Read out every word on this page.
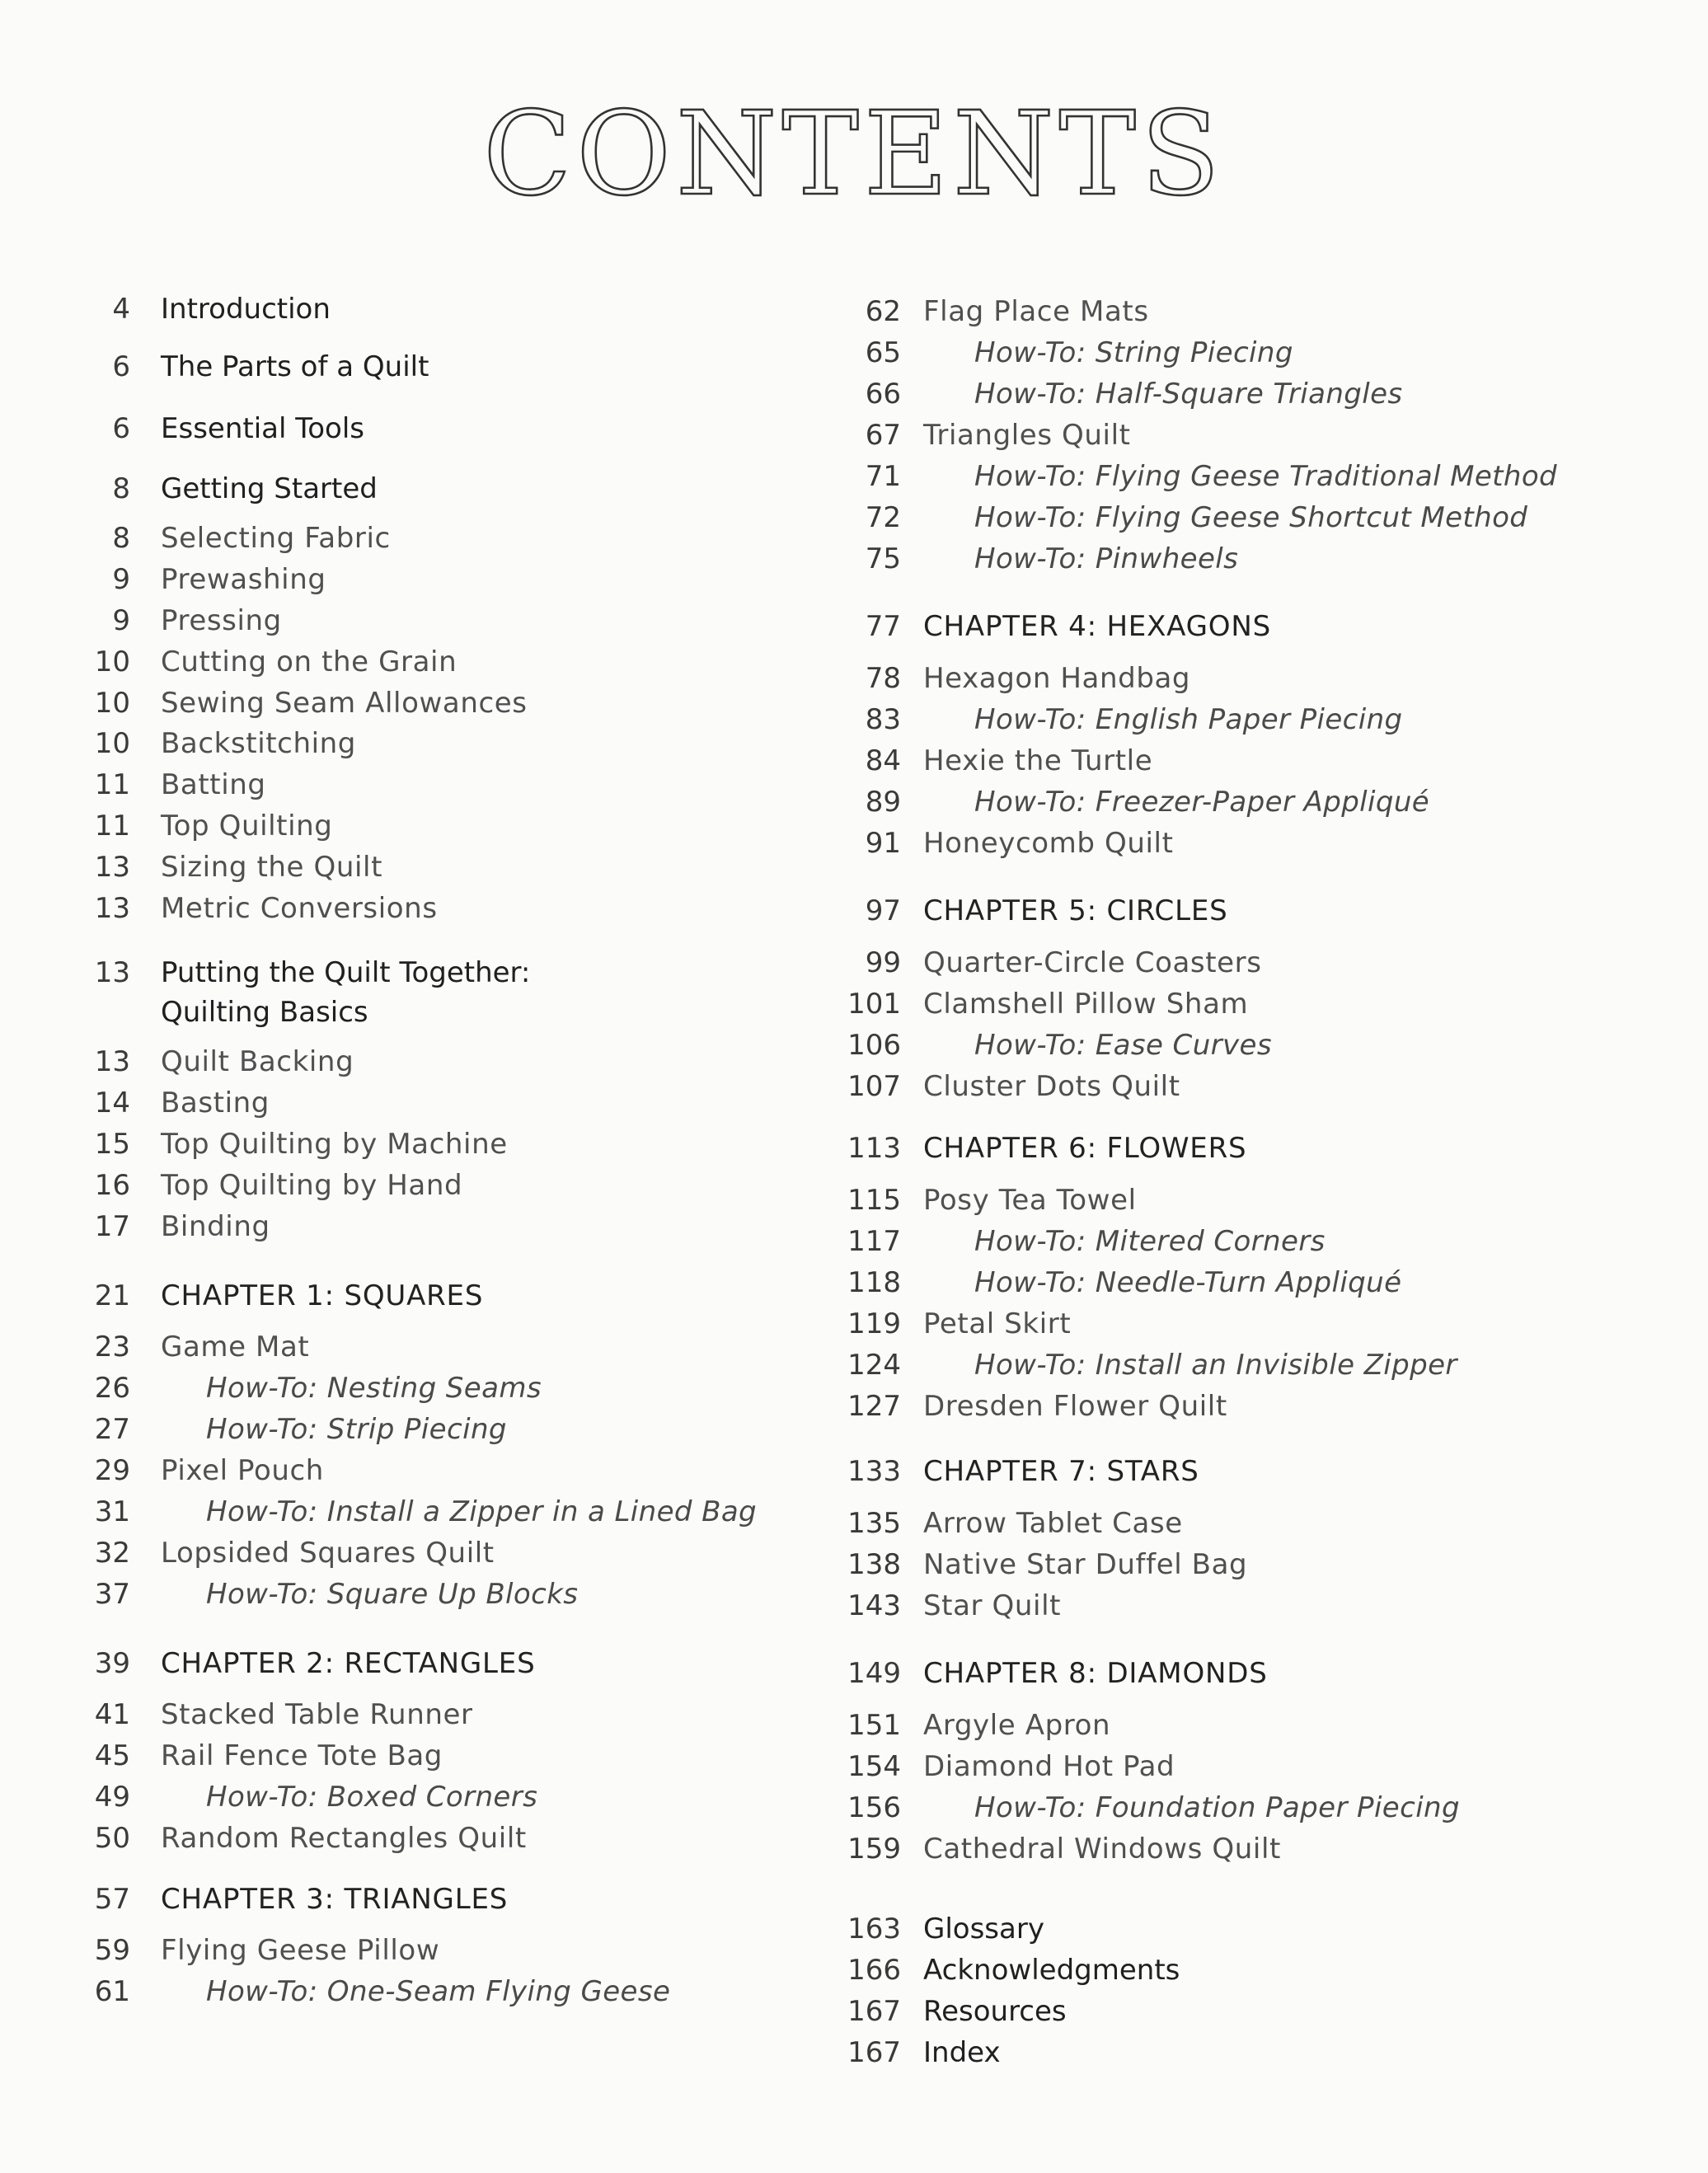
CONTENTS
4 Introduction
6 The Parts of a Quilt
6 Essential Tools
8 Getting Started
8 Selecting Fabric
9 Prewashing
9 Pressing
10 Cutting on the Grain
10 Sewing Seam Allowances
10 Backstitching
11 Batting
11 Top Quilting
13 Sizing the Quilt
13 Metric Conversions
13 Putting the Quilt Together:
Quilting Basics
13 Quilt Backing
14 Basting
15 Top Quilting by Machine
16 Top Quilting by Hand
17 Binding
21 CHAPTER 1: SQUARES
23 Game Mat
26	How-To: Nesting Seams
27	How-To: Strip Piecing
29 Pixel Pouch
31	How-To: Install a Zipper in a Lined Bag
32 Lopsided Squares Quilt
37	How-To: Square Up Blocks
39 CHAPTER 2: RECTANGLES
41 Stacked Table Runner
45 Rail Fence Tote Bag
49	How-To: Boxed Corners
50 Random Rectangles Quilt
57 CHAPTER 3: TRIANGLES
59 Flying Geese Pillow
61	How-To: One-Seam Flying Geese
62 Flag Place Mats
65	How-To: String Piecing
66	How-To: Half-Square Triangles
67 Triangles Quilt
71	How-To: Flying Geese Traditional Method
72	How-To: Flying Geese Shortcut Method
75	How-To: Pinwheels
77 CHAPTER 4: HEXAGONS
78 Hexagon Handbag
83	How-To: English Paper Piecing
84 Hexie the Turtle
89	How-To: Freezer-Paper Appliqué
91 Honeycomb Quilt
97 CHAPTER 5: CIRCLES
99 Quarter-Circle Coasters
101 Clamshell Pillow Sham
106	How-To: Ease Curves
107 Cluster Dots Quilt
113 CHAPTER 6: FLOWERS
115 Posy Tea Towel
117	How-To: Mitered Corners
118	How-To: Needle-Turn Appliqué
119 Petal Skirt
124	How-To: Install an Invisible Zipper
127 Dresden Flower Quilt
133 CHAPTER 7: STARS
135 Arrow Tablet Case
138 Native Star Duffel Bag
143 Star Quilt
149 CHAPTER 8: DIAMONDS
151 Argyle Apron
154 Diamond Hot Pad
156	How-To: Foundation Paper Piecing
159 Cathedral Windows Quilt
163 Glossary
166 Acknowledgments
167 Resources
167 Index
